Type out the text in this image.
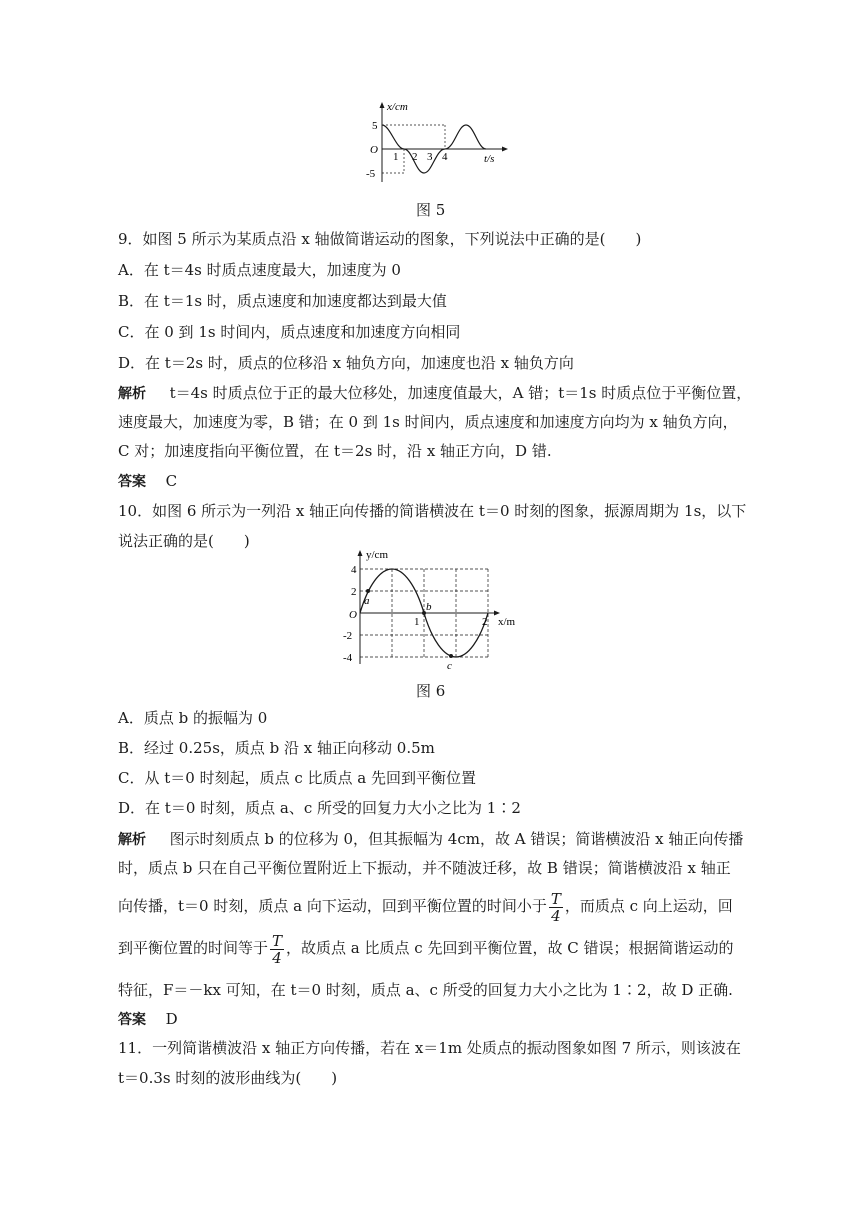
x/cm
t/s
O
5
-5
1 2 3 4
图 5
9．如图 5 所示为某质点沿 x 轴做简谐运动的图象，下列说法中正确的是(　　)
A．在 t＝4s 时质点速度最大，加速度为 0
B．在 t＝1s 时，质点速度和加速度都达到最大值
C．在 0 到 1s 时间内，质点速度和加速度方向相同
D．在 t＝2s 时，质点的位移沿 x 轴负方向，加速度也沿 x 轴负方向
解析 t＝4s 时质点位于正的最大位移处，加速度值最大，A 错；t＝1s 时质点位于平衡位置，
速度最大，加速度为零，B 错；在 0 到 1s 时间内，质点速度和加速度方向均为 x 轴负方向，
C 对；加速度指向平衡位置，在 t＝2s 时，沿 x 轴正方向，D 错.
答案 C
10．如图 6 所示为一列沿 x 轴正向传播的简谐横波在 t＝0 时刻的图象，振源周期为 1s，以下
说法正确的是(　　)
y/cm
x/m
O
4
2
-2
-4
1	2
a	b
c
图 6
A．质点 b 的振幅为 0
B．经过 0.25s，质点 b 沿 x 轴正向移动 0.5m
C．从 t＝0 时刻起，质点 c 比质点 a 先回到平衡位置
D．在 t＝0 时刻，质点 a、c 所受的回复力大小之比为 1∶2
解析 图示时刻质点 b 的位移为 0，但其振幅为 4cm，故 A 错误；简谐横波沿 x 轴正向传播
时，质点 b 只在自己平衡位置附近上下振动，并不随波迁移，故 B 错误；简谐横波沿 x 轴正
向传播，t＝0 时刻，质点 a 向下运动，回到平衡位置的时间小于 $\frac{T}{4}$ ，而质点 c 向上运动，回
到平衡位置的时间等于 $\frac{T}{4}$ ，故质点 a 比质点 c 先回到平衡位置，故 C 错误；根据简谐运动的
特征，F＝－kx 可知，在 t＝0 时刻，质点 a、c 所受的回复力大小之比为 1∶2，故 D 正确.
答案 D
11．一列简谐横波沿 x 轴正方向传播，若在 x＝1m 处质点的振动图象如图 7 所示，则该波在
t＝0.3s 时刻的波形曲线为(　　)
